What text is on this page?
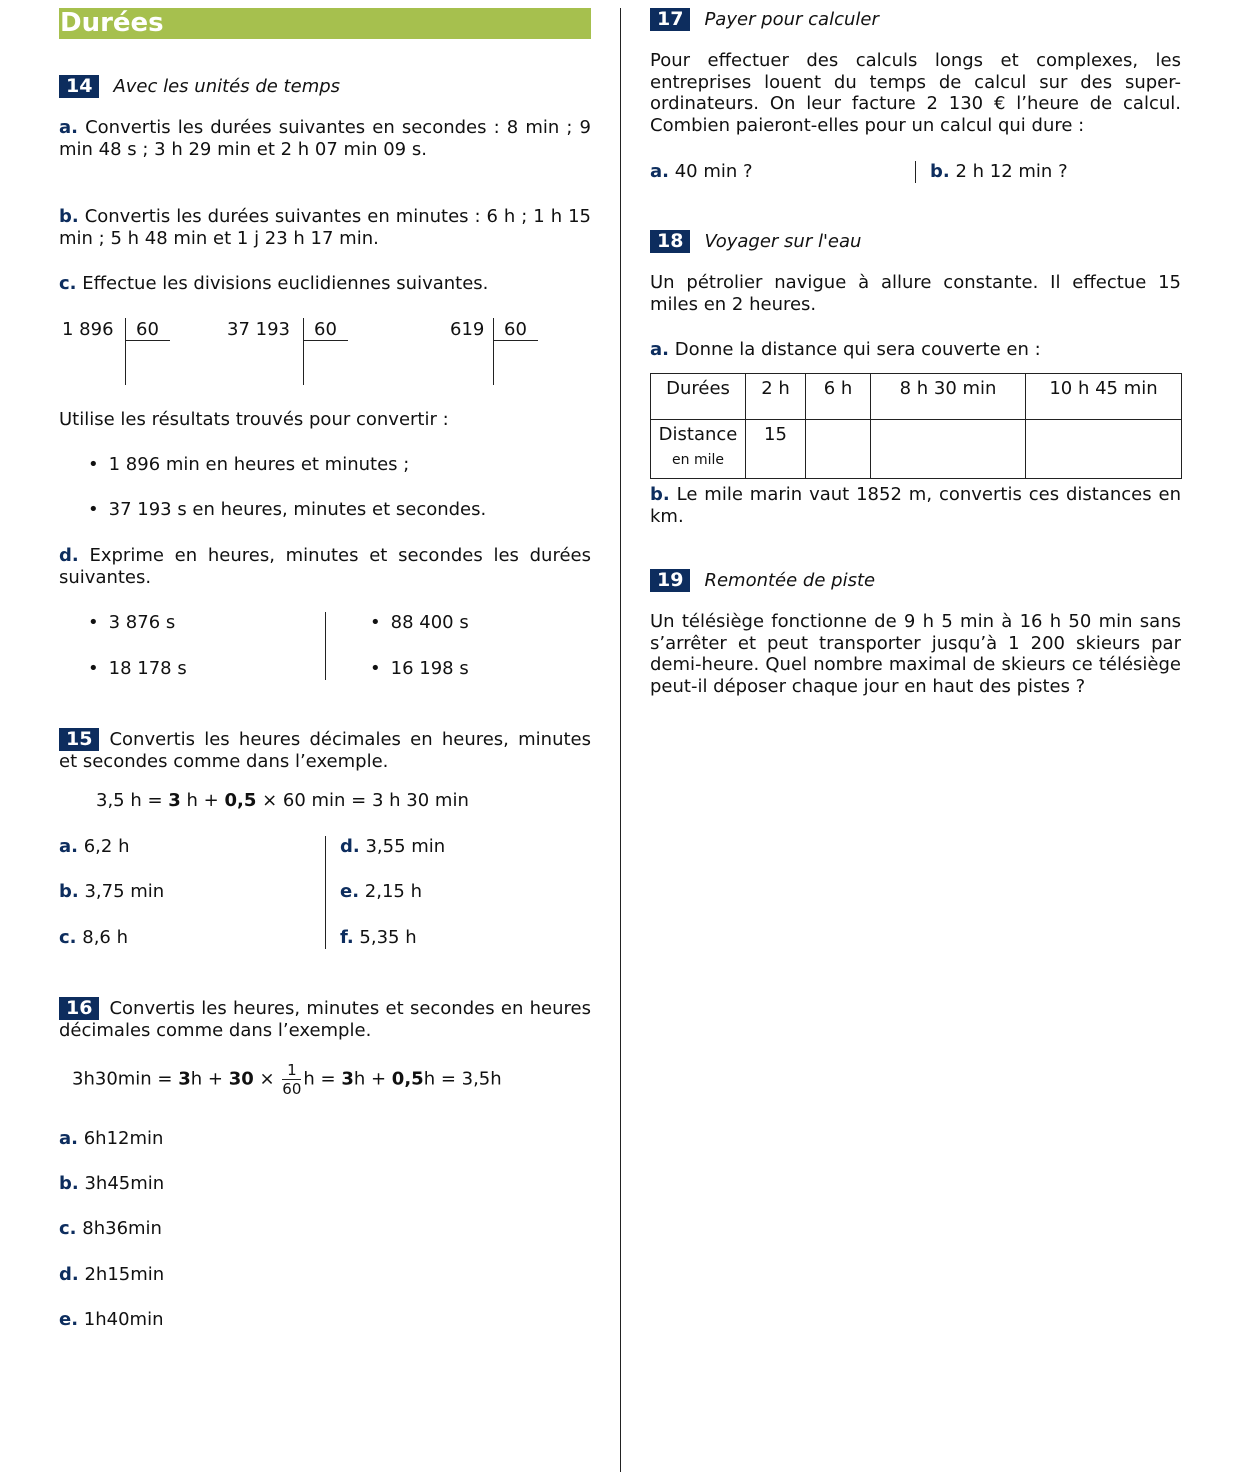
Durées
14	Avec les unités de temps
a. Convertis les durées suivantes en secondes : 8 min ; 9 min 48 s ; 3 h 29 min et 2 h 07 min 09 s.
b. Convertis les durées suivantes en minutes : 6 h ; 1 h 15 min ; 5 h 48 min et 1 j 23 h 17 min.
c. Effectue les divisions euclidiennes suivantes.
1 896 60	37 193 60	619 60
Utilise les résultats trouvés pour convertir :
• 1 896 min en heures et minutes ;
• 37 193 s en heures, minutes et secondes.
d. Exprime en heures, minutes et secondes les durées suivantes.
• 3 876 s	• 88 400 s
• 18 178 s	• 16 198 s
15 Convertis les heures décimales en heures, minutes et secondes comme dans l’exemple.
3,5 h = 3 h + 0,5 × 60 min = 3 h 30 min
a. 6,2 h	d. 3,55 min
b. 3,75 min	e. 2,15 h
c. 8,6 h	f. 5,35 h
16 Convertis les heures, minutes et secondes en heures décimales comme dans l’exemple.
$3h30\min = 3h + 30 \times \frac{1}{60}$ h = 3h + 0,5h = 3,5h
a. 6h12min
b. 3h45min
c. 8h36min
d. 2h15min
e. 1h40min
17	Payer pour calculer
Pour effectuer des calculs longs et complexes, les entreprises louent du temps de calcul sur des super-ordinateurs. On leur facture 2 130 € l’heure de calcul. Combien paieront-elles pour un calcul qui dure :
a. 40 min ?	b. 2 h 12 min ?
18	Voyager sur l'eau
Un pétrolier navigue à allure constante. Il effectue 15 miles en 2 heures.
a. Donne la distance qui sera couverte en :
Durées	2 h	6 h	8 h 30 min	10 h 45 min

Distance
en mile	15			
b. Le mile marin vaut 1852 m, convertis ces distances en km.
19	Remontée de piste
Un télésiège fonctionne de 9 h 5 min à 16 h 50 min sans s’arrêter et peut transporter jusqu’à 1 200 skieurs par demi-heure. Quel nombre maximal de skieurs ce télésiège peut-il déposer chaque jour en haut des pistes ?
